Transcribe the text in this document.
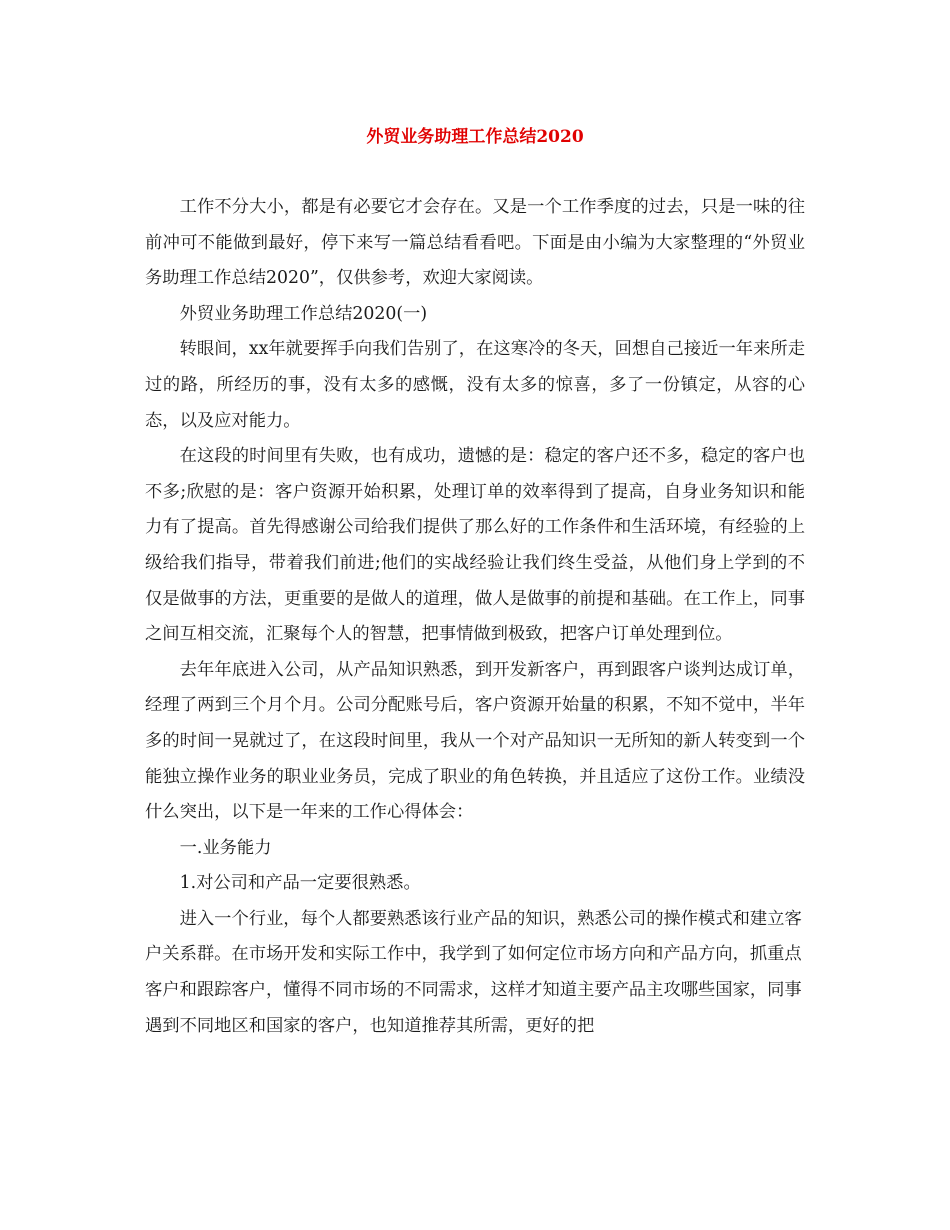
外贸业务助理工作总结2020

工作不分大小，都是有必要它才会存在。又是一个工作季度的过去，只是一味的往前冲可不能做到最好，停下来写一篇总结看看吧。下面是由小编为大家整理的“外贸业务助理工作总结2020”，仅供参考，欢迎大家阅读。

外贸业务助理工作总结2020(一)

转眼间，xx年就要挥手向我们告别了，在这寒冷的冬天，回想自己接近一年来所走过的路，所经历的事，没有太多的感慨，没有太多的惊喜，多了一份镇定，从容的心态，以及应对能力。

在这段的时间里有失败，也有成功，遗憾的是：稳定的客户还不多，稳定的客户也不多;欣慰的是：客户资源开始积累，处理订单的效率得到了提高，自身业务知识和能力有了提高。首先得感谢公司给我们提供了那么好的工作条件和生活环境，有经验的上级给我们指导，带着我们前进;他们的实战经验让我们终生受益，从他们身上学到的不仅是做事的方法，更重要的是做人的道理，做人是做事的前提和基础。在工作上，同事之间互相交流，汇聚每个人的智慧，把事情做到极致，把客户订单处理到位。

去年年底进入公司，从产品知识熟悉，到开发新客户，再到跟客户谈判达成订单，经理了两到三个月个月。公司分配账号后，客户资源开始量的积累，不知不觉中，半年多的时间一晃就过了，在这段时间里，我从一个对产品知识一无所知的新人转变到一个能独立操作业务的职业业务员，完成了职业的角色转换，并且适应了这份工作。业绩没什么突出，以下是一年来的工作心得体会：

一.业务能力

1.对公司和产品一定要很熟悉。

进入一个行业，每个人都要熟悉该行业产品的知识，熟悉公司的操作模式和建立客户关系群。在市场开发和实际工作中，我学到了如何定位市场方向和产品方向，抓重点客户和跟踪客户，懂得不同市场的不同需求，这样才知道主要产品主攻哪些国家，同事遇到不同地区和国家的客户，也知道推荐其所需，更好的把
